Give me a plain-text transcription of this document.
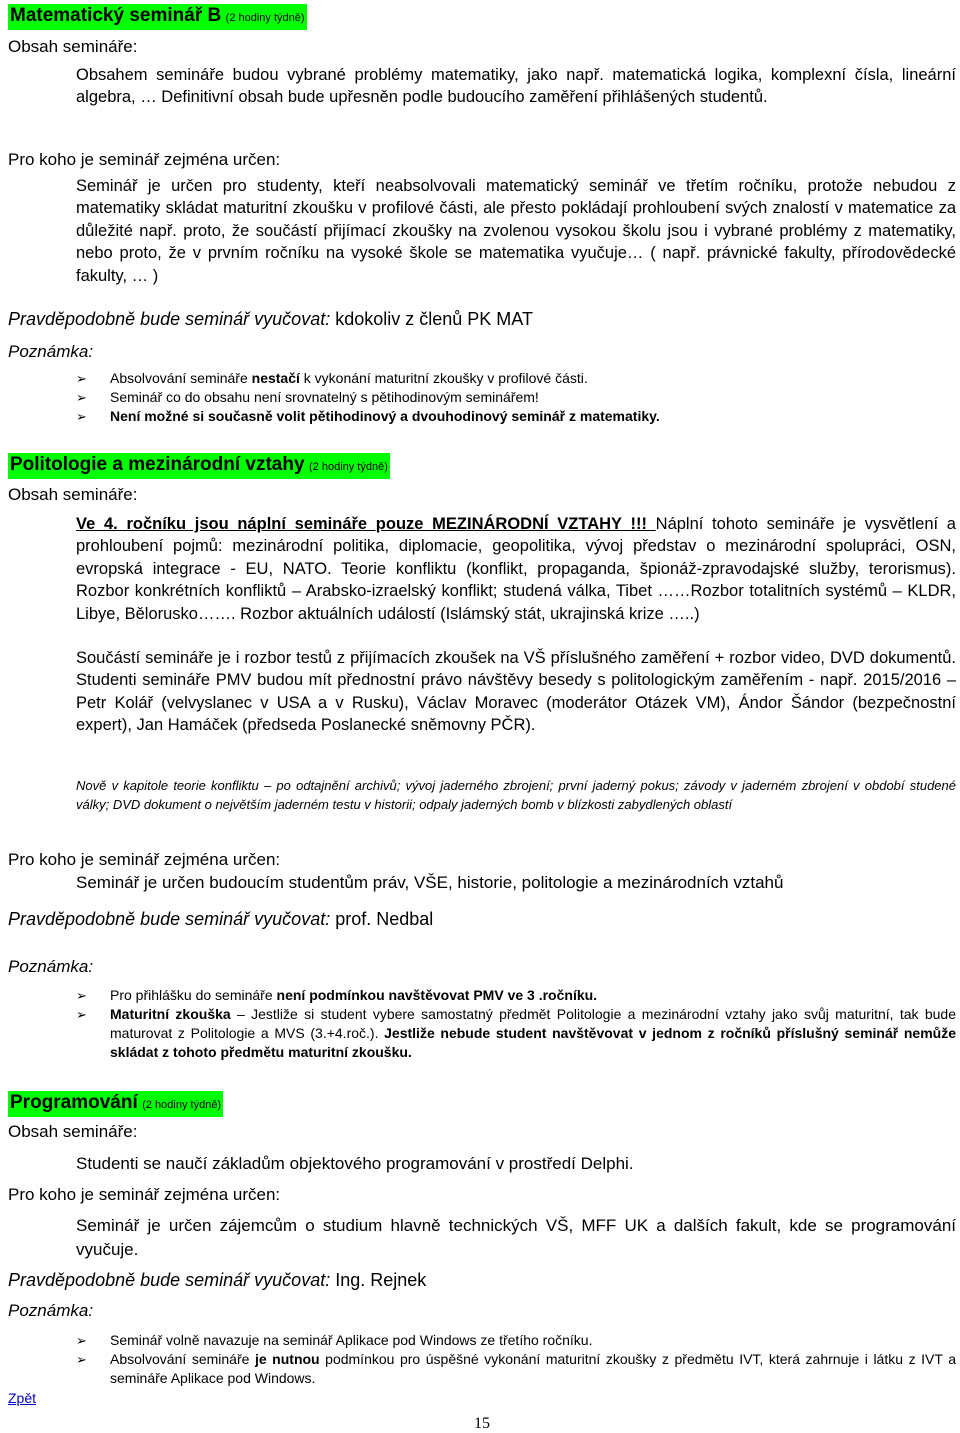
Matematický seminář B (2 hodiny týdně)
Obsah semináře:
Obsahem semináře budou vybrané problémy matematiky, jako např. matematická logika, komplexní čísla, lineární algebra, … Definitivní obsah bude upřesněn podle budoucího zaměření přihlášených studentů.
Pro koho je seminář zejména určen:
Seminář je určen pro studenty, kteří neabsolvovali matematický seminář ve třetím ročníku, protože nebudou z matematiky skládat maturitní zkoušku v profilové části, ale přesto pokládají prohloubení svých znalostí v matematice za důležité např. proto, že součástí přijímací zkoušky na zvolenou vysokou školu jsou i vybrané problémy z matematiky, nebo proto, že v prvním ročníku na vysoké škole se matematika vyučuje… ( např. právnické fakulty, přírodovědecké fakulty, … )
Pravděpodobně bude seminář vyučovat: kdokoliv z členů PK MAT
Poznámka:
➢ Absolvování semináře nestačí k vykonání maturitní zkoušky v profilové části.
➢ Seminář co do obsahu není srovnatelný s pětihodinovým seminářem!
➢ Není možné si současně volit pětihodinový a dvouhodinový seminář z matematiky.
Politologie a mezinárodní vztahy (2 hodiny týdně)
Obsah semináře:
Ve 4. ročníku jsou náplní semináře pouze MEZINÁRODNÍ VZTAHY !!! Náplní tohoto semináře je vysvětlení a prohloubení pojmů: mezinárodní politika, diplomacie, geopolitika, vývoj představ o mezinárodní spolupráci, OSN, evropská integrace - EU, NATO. Teorie konfliktu (konflikt, propaganda, špionáž-zpravodajské služby, terorismus). Rozbor konkrétních konfliktů – Arabsko-izraelský konflikt; studená válka, Tibet ……Rozbor totalitních systémů – KLDR, Libye, Bělorusko……. Rozbor aktuálních událostí (Islámský stát, ukrajinská krize …..)
Součástí semináře je i rozbor testů z přijímacích zkoušek na VŠ příslušného zaměření + rozbor video, DVD dokumentů. Studenti semináře PMV budou mít přednostní právo návštěvy besedy s politologickým zaměřením - např. 2015/2016 – Petr Kolář (velvyslanec v USA a v Rusku), Václav Moravec (moderátor Otázek VM), Ándor Šándor (bezpečnostní expert), Jan Hamáček (předseda Poslanecké sněmovny PČR).
Nově v kapitole teorie konfliktu – po odtajnění archivů; vývoj jaderného zbrojení; první jaderný pokus; závody v jaderném zbrojení v období studené války; DVD dokument o největším jaderném testu v historii; odpaly jaderných bomb v blízkosti zabydlených oblastí
Pro koho je seminář zejména určen:
Seminář je určen budoucím studentům práv, VŠE, historie, politologie a mezinárodních vztahů
Pravděpodobně bude seminář vyučovat: prof. Nedbal
Poznámka:
➢ Pro přihlášku do semináře není podmínkou navštěvovat PMV ve 3 .ročníku.
➢ Maturitní zkouška – Jestliže si student vybere samostatný předmět Politologie a mezinárodní vztahy jako svůj maturitní, tak bude maturovat z Politologie a MVS (3.+4.roč.). Jestliže nebude student navštěvovat v jednom z ročníků příslušný seminář nemůže skládat z tohoto předmětu maturitní zkoušku.
Programování (2 hodiny týdně)
Obsah semináře:
Studenti se naučí základům objektového programování v prostředí Delphi.
Pro koho je seminář zejména určen:
Seminář je určen zájemcům o studium hlavně technických VŠ, MFF UK a dalších fakult, kde se programování vyučuje.
Pravděpodobně bude seminář vyučovat: Ing. Rejnek
Poznámka:
➢ Seminář volně navazuje na seminář Aplikace pod Windows ze třetího ročníku.
➢ Absolvování semináře je nutnou podmínkou pro úspěšné vykonání maturitní zkoušky z předmětu IVT, která zahrnuje i látku z IVT a semináře Aplikace pod Windows.
Zpět
15
